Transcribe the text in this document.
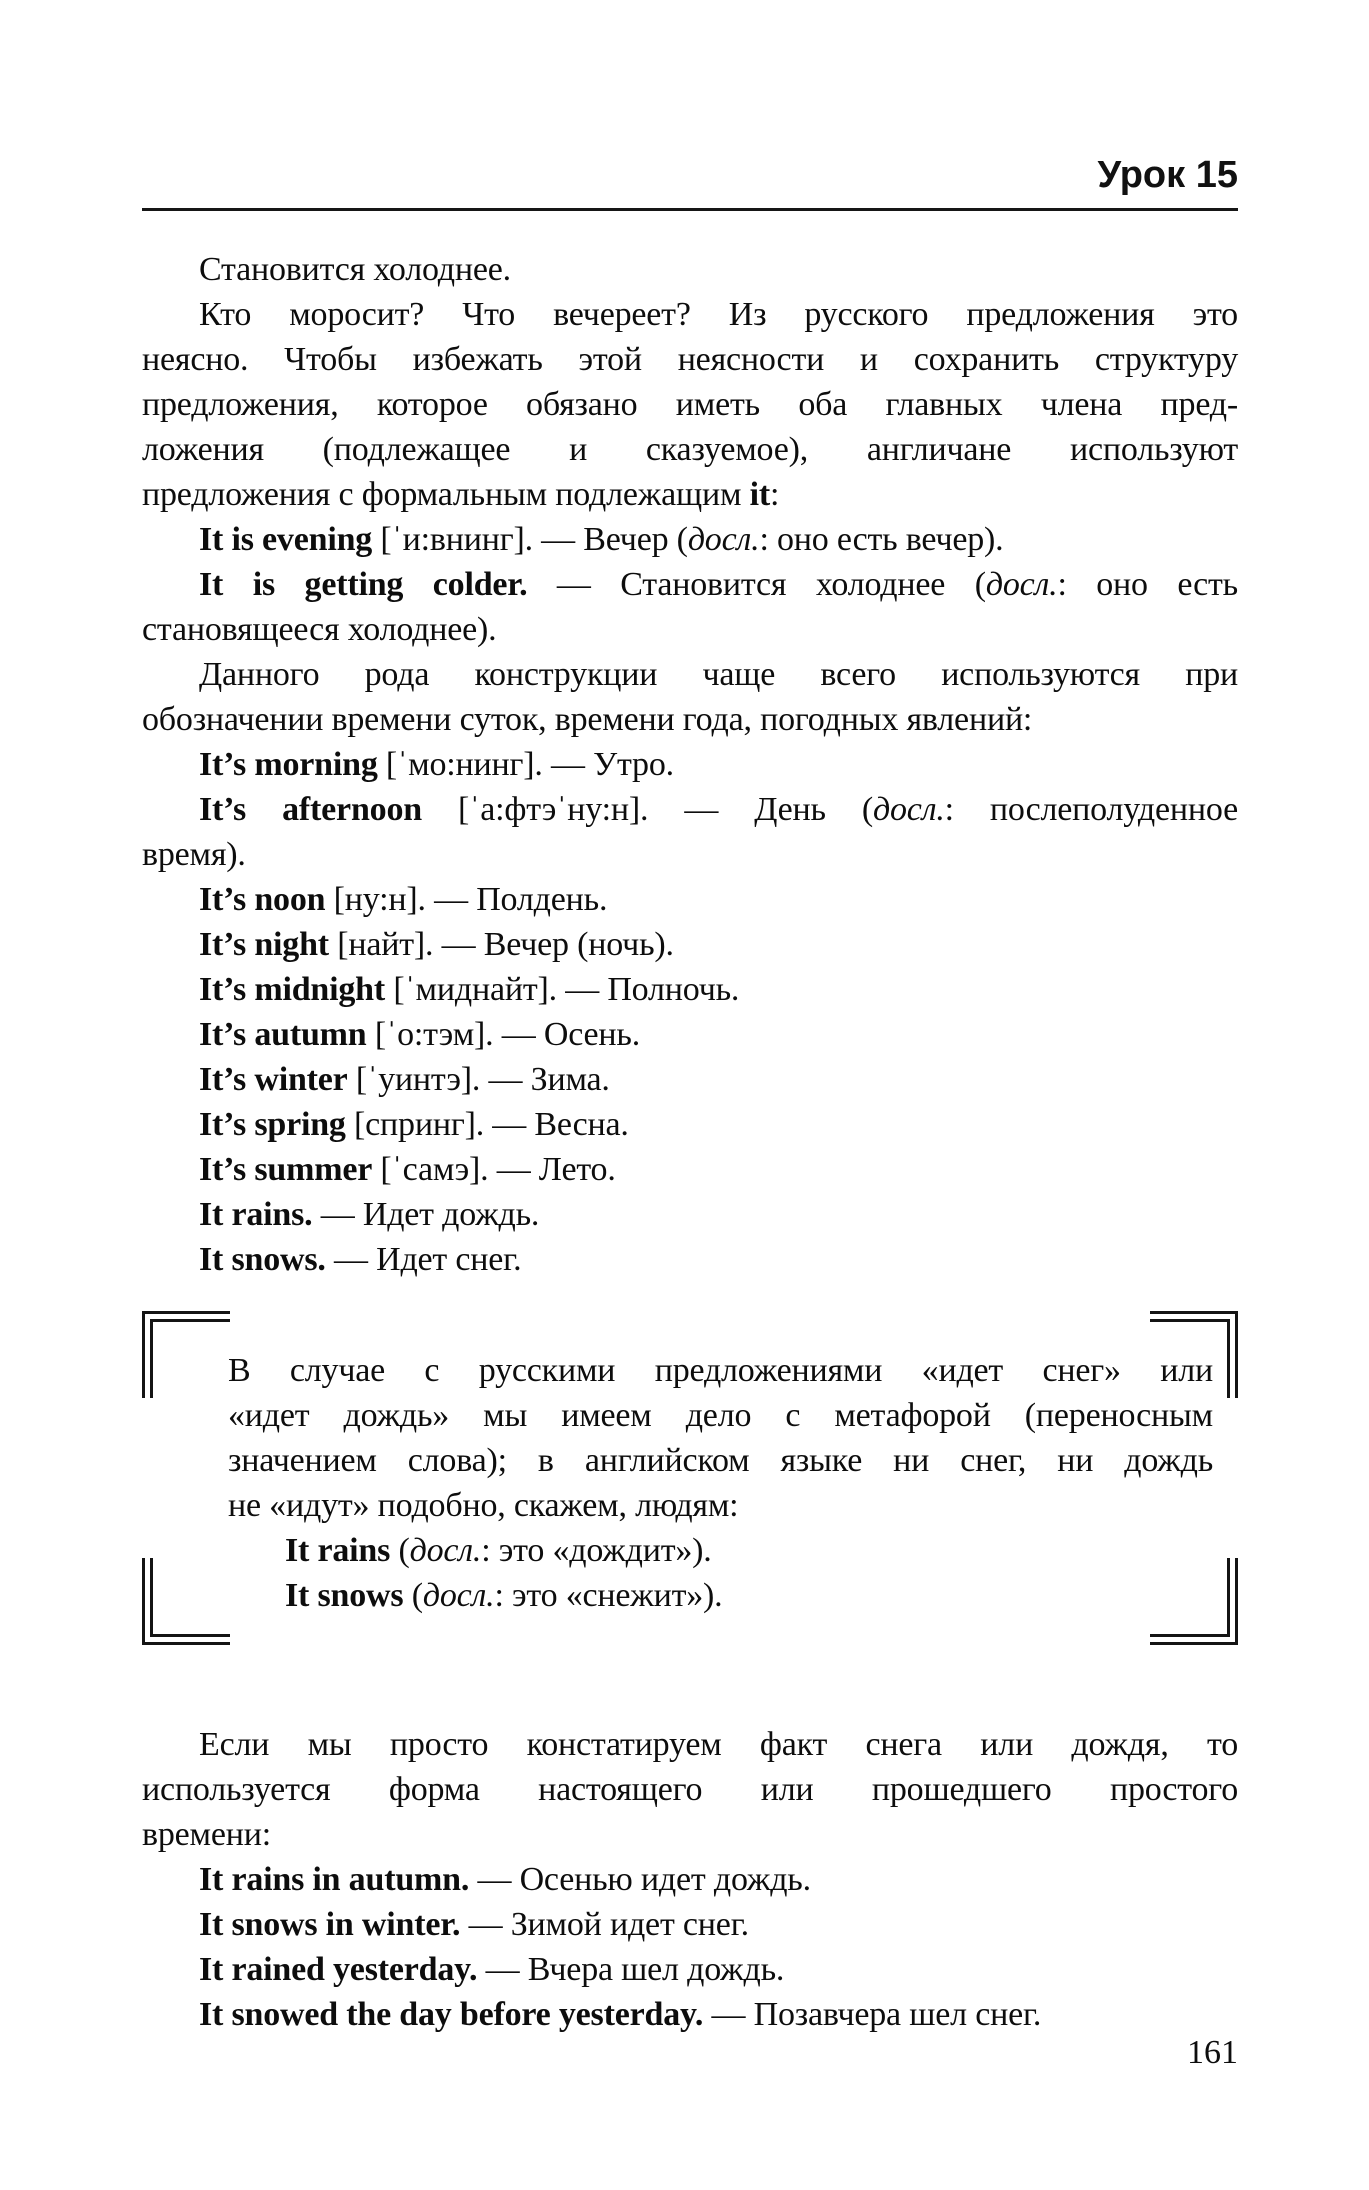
Урок 15
Становится холоднее.
Кто моросит? Что вечереет? Из русского предложения это
неясно. Чтобы избежать этой неясности и сохранить структуру
предложения, которое обязано иметь оба главных члена пред-
ложения (подлежащее и сказуемое), англичане используют
предложения с формальным подлежащим it:
It is evening [ˈи:внинг]. — Вечер (досл.: оно есть вечер).
It is getting colder. — Становится холоднее (досл.: оно есть
становящееся холоднее).
Данного рода конструкции чаще всего используются при
обозначении времени суток, времени года, погодных явлений:
It’s morning [ˈмо:нинг]. — Утро.
It’s afternoon [ˈа:фтэˈну:н]. — День (досл.: послеполуденное
время).
It’s noon [ну:н]. — Полдень.
It’s night [найт]. — Вечер (ночь).
It’s midnight [ˈмиднайт]. — Полночь.
It’s autumn [ˈо:тэм]. — Осень.
It’s winter [ˈуинтэ]. — Зима.
It’s spring [спринг]. — Весна.
It’s summer [ˈсамэ]. — Лето.
It rains. — Идет дождь.
It snows. — Идет снег.
В случае с русскими предложениями «идет снег» или
«идет дождь» мы имеем дело с метафорой (переносным
значением слова); в английском языке ни снег, ни дождь
не «идут» подобно, скажем, людям:
It rains (досл.: это «дождит»).
It snows (досл.: это «снежит»).
Если мы просто констатируем факт снега или дождя, то
используется форма настоящего или прошедшего простого
времени:
It rains in autumn. — Осенью идет дождь.
It snows in winter. — Зимой идет снег.
It rained yesterday. — Вчера шел дождь.
It snowed the day before yesterday. — Позавчера шел снег.
161
